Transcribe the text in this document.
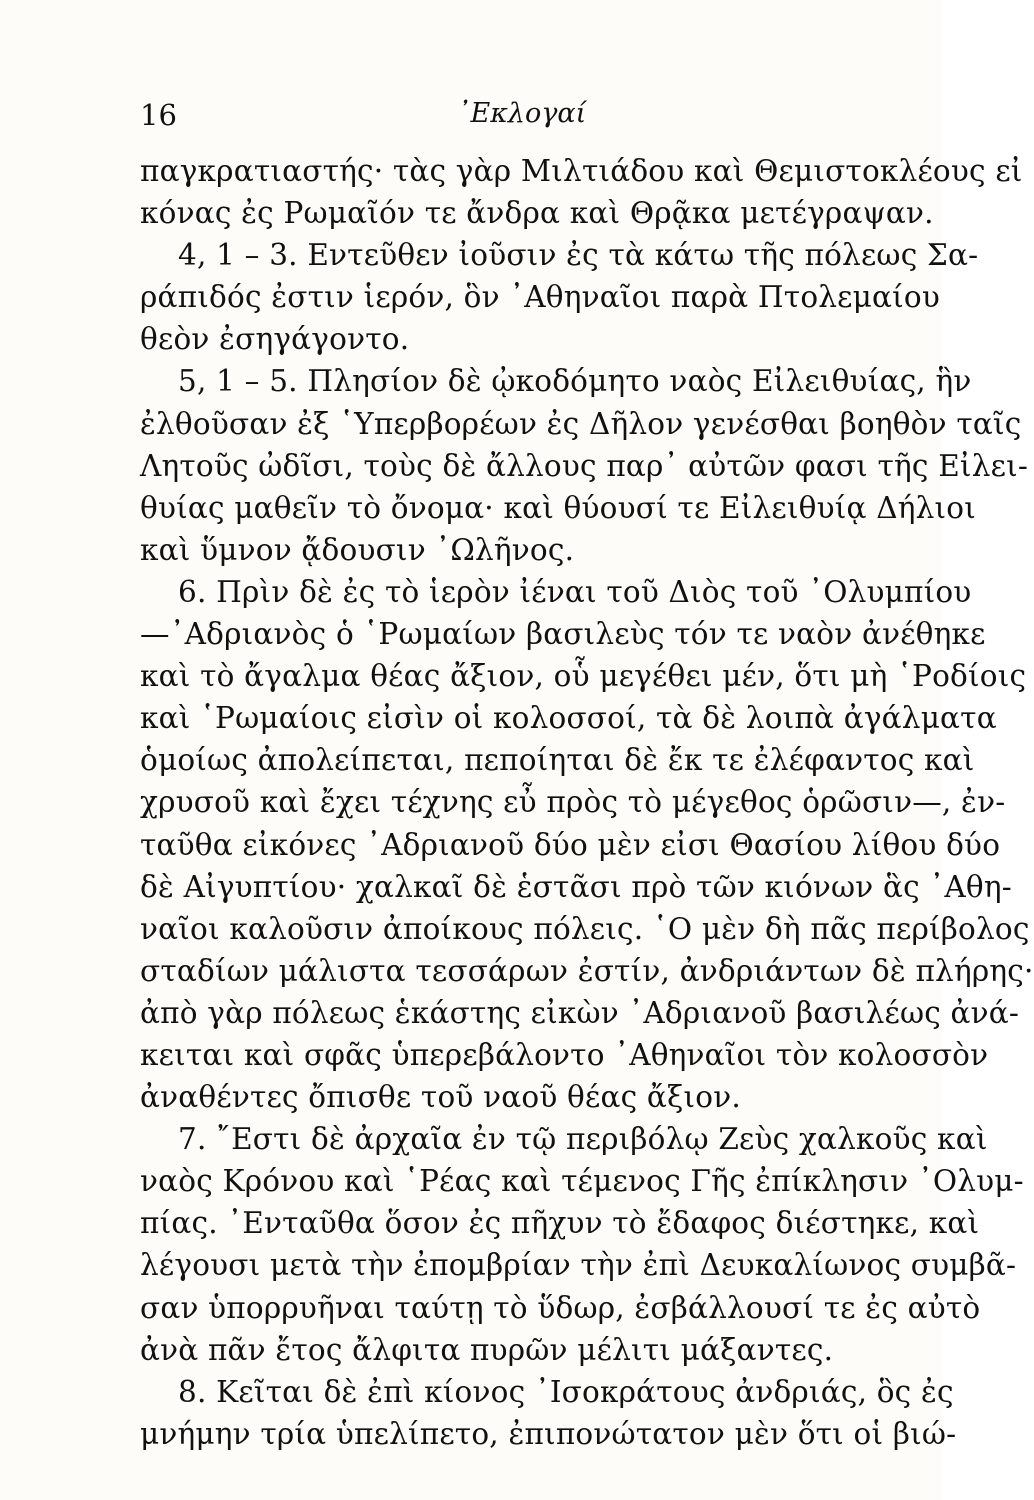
16	᾿Εκλογαί
παγκρατιαστής· τὰς γὰρ Μιλτιάδου καὶ Θεμιστοκλέους εἰ
κόνας ἐς Ρωμαῖόν τε ἄνδρα καὶ Θρᾷκα μετέγραψαν.
4, 1 – 3. Εντεῦθεν ἰοῦσιν ἐς τὰ κάτω τῆς πόλεως Σα-
ράπιδός ἐστιν ἱερόν, ὃν ᾿Αθηναῖοι παρὰ Πτολεμαίου
θεὸν ἐσηγάγοντο.
5, 1 – 5. Πλησίον δὲ ᾠκοδόμητο ναὸς Εἰλειθυίας, ἣν
ἐλθοῦσαν ἐξ ῾Υπερβορέων ἐς Δῆλον γενέσθαι βοηθὸν ταῖς
Λητοῦς ὠδῖσι, τοὺς δὲ ἄλλους παρ᾿ αὐτῶν φασι τῆς Εἰλει-
θυίας μαθεῖν τὸ ὄνομα· καὶ θύουσί τε Εἰλειθυίᾳ Δήλιοι
καὶ ὕμνον ᾄδουσιν ᾿Ωλῆνος.
6. Πρὶν δὲ ἐς τὸ ἱερὸν ἰέναι τοῦ Διὸς τοῦ ᾿Ολυμπίου
—᾿Αδριανὸς ὁ ῾Ρωμαίων βασιλεὺς τόν τε ναὸν ἀνέθηκε
καὶ τὸ ἄγαλμα θέας ἄξιον, οὗ μεγέθει μέν, ὅτι μὴ ῾Ροδίοις
καὶ ῾Ρωμαίοις εἰσὶν οἱ κολοσσοί, τὰ δὲ λοιπὰ ἀγάλματα
ὁμοίως ἀπολείπεται, πεποίηται δὲ ἔκ τε ἐλέφαντος καὶ
χρυσοῦ καὶ ἔχει τέχνης εὖ πρὸς τὸ μέγεθος ὁρῶσιν—, ἐν-
ταῦθα εἰκόνες ᾿Αδριανοῦ δύο μὲν εἰσι Θασίου λίθου δύο
δὲ Αἰγυπτίου· χαλκαῖ δὲ ἑστᾶσι πρὸ τῶν κιόνων ἃς ᾿Αθη-
ναῖοι καλοῦσιν ἀποίκους πόλεις. ῾Ο μὲν δὴ πᾶς περίβολος
σταδίων μάλιστα τεσσάρων ἐστίν, ἀνδριάντων δὲ πλήρης·
ἀπὸ γὰρ πόλεως ἑκάστης εἰκὼν ᾿Αδριανοῦ βασιλέως ἀνά-
κειται καὶ σφᾶς ὑπερεβάλοντο ᾿Αθηναῖοι τὸν κολοσσὸν
ἀναθέντες ὄπισθε τοῦ ναοῦ θέας ἄξιον.
7. ῎Εστι δὲ ἀρχαῖα ἐν τῷ περιβόλῳ Ζεὺς χαλκοῦς καὶ
ναὸς Κρόνου καὶ ῾Ρέας καὶ τέμενος Γῆς ἐπίκλησιν ᾿Ολυμ-
πίας. ᾿Ενταῦθα ὅσον ἐς πῆχυν τὸ ἔδαφος διέστηκε, καὶ
λέγουσι μετὰ τὴν ἐπομβρίαν τὴν ἐπὶ Δευκαλίωνος συμβᾶ-
σαν ὑπορρυῆναι ταύτῃ τὸ ὕδωρ, ἐσβάλλουσί τε ἐς αὐτὸ
ἀνὰ πᾶν ἔτος ἄλφιτα πυρῶν μέλιτι μάξαντες.
8. Κεῖται δὲ ἐπὶ κίονος ᾿Ισοκράτους ἀνδριάς, ὃς ἐς
μνήμην τρία ὑπελίπετο, ἐπιπονώτατον μὲν ὅτι οἱ βιώ-
